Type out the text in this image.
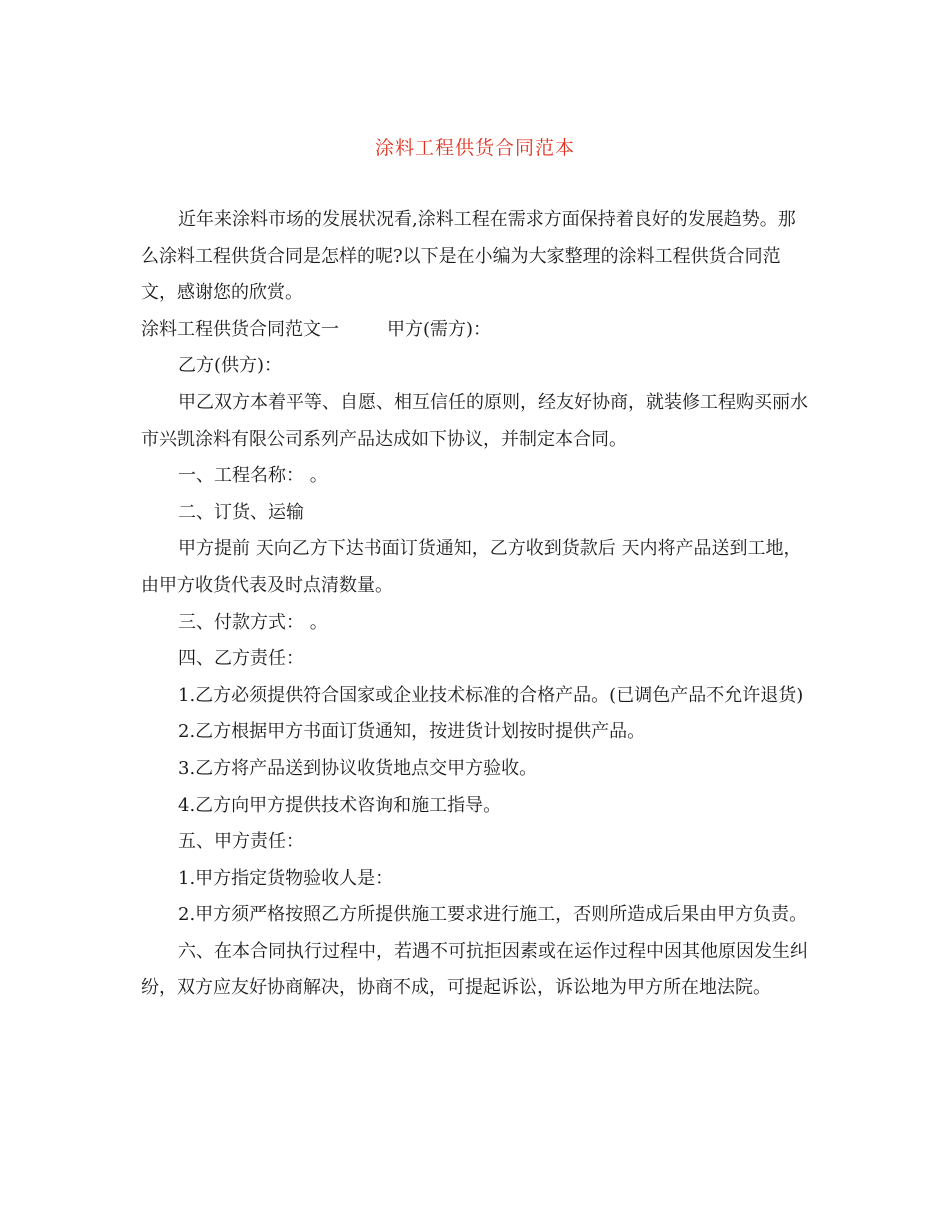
涂料工程供货合同范本

近年来涂料市场的发展状况看,涂料工程在需求方面保持着良好的发展趋势。那么涂料工程供货合同是怎样的呢?以下是在小编为大家整理的涂料工程供货合同范文，感谢您的欣赏。

涂料工程供货合同范文一	甲方(需方)：

乙方(供方)：

甲乙双方本着平等、自愿、相互信任的原则，经友好协商，就装修工程购买丽水市兴凯涂料有限公司系列产品达成如下协议，并制定本合同。

一、工程名称： 。

二、订货、运输

甲方提前 天向乙方下达书面订货通知，乙方收到货款后 天内将产品送到工地，由甲方收货代表及时点清数量。

三、付款方式： 。

四、乙方责任：

1.乙方必须提供符合国家或企业技术标准的合格产品。(已调色产品不允许退货)

2.乙方根据甲方书面订货通知，按进货计划按时提供产品。

3.乙方将产品送到协议收货地点交甲方验收。

4.乙方向甲方提供技术咨询和施工指导。

五、甲方责任：

1.甲方指定货物验收人是：

2.甲方须严格按照乙方所提供施工要求进行施工，否则所造成后果由甲方负责。

六、在本合同执行过程中，若遇不可抗拒因素或在运作过程中因其他原因发生纠纷，双方应友好协商解决，协商不成，可提起诉讼，诉讼地为甲方所在地法院。
